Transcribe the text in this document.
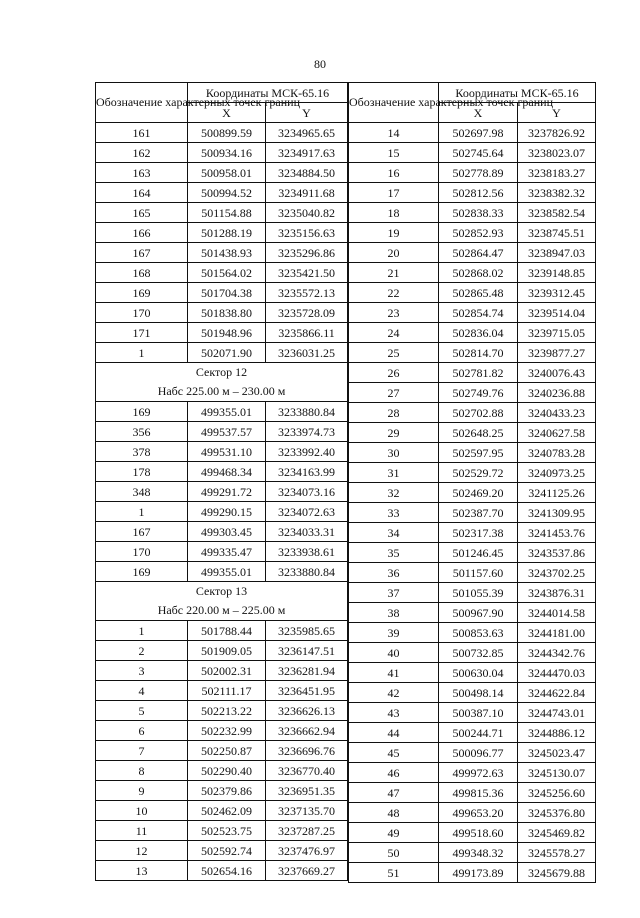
80
Обозначение характерных точек границ	Координаты МСК-65.16	
	X	Y
161	500899.59	3234965.65
162	500934.16	3234917.63
163	500958.01	3234884.50
164	500994.52	3234911.68
165	501154.88	3235040.82
166	501288.19	3235156.63
167	501438.93	3235296.86
168	501564.02	3235421.50
169	501704.38	3235572.13
170	501838.80	3235728.09
171	501948.96	3235866.11
1	502071.90	3236031.25
Сектор 12		
Набс 225.00 м – 230.00 м		
169	499355.01	3233880.84
356	499537.57	3233974.73
378	499531.10	3233992.40
178	499468.34	3234163.99
348	499291.72	3234073.16
1	499290.15	3234072.63
167	499303.45	3234033.31
170	499335.47	3233938.61
169	499355.01	3233880.84
Сектор 13		
Набс 220.00 м – 225.00 м		
1	501788.44	3235985.65
2	501909.05	3236147.51
3	502002.31	3236281.94
4	502111.17	3236451.95
5	502213.22	3236626.13
6	502232.99	3236662.94
7	502250.87	3236696.76
8	502290.40	3236770.40
9	502379.86	3236951.35
10	502462.09	3237135.70
11	502523.75	3237287.25
12	502592.74	3237476.97
13	502654.16	3237669.27
Обозначение характерных точек границ	Координаты МСК-65.16	
	X	Y
14	502697.98	3237826.92
15	502745.64	3238023.07
16	502778.89	3238183.27
17	502812.56	3238382.32
18	502838.33	3238582.54
19	502852.93	3238745.51
20	502864.47	3238947.03
21	502868.02	3239148.85
22	502865.48	3239312.45
23	502854.74	3239514.04
24	502836.04	3239715.05
25	502814.70	3239877.27
26	502781.82	3240076.43
27	502749.76	3240236.88
28	502702.88	3240433.23
29	502648.25	3240627.58
30	502597.95	3240783.28
31	502529.72	3240973.25
32	502469.20	3241125.26
33	502387.70	3241309.95
34	502317.38	3241453.76
35	501246.45	3243537.86
36	501157.60	3243702.25
37	501055.39	3243876.31
38	500967.90	3244014.58
39	500853.63	3244181.00
40	500732.85	3244342.76
41	500630.04	3244470.03
42	500498.14	3244622.84
43	500387.10	3244743.01
44	500244.71	3244886.12
45	500096.77	3245023.47
46	499972.63	3245130.07
47	499815.36	3245256.60
48	499653.20	3245376.80
49	499518.60	3245469.82
50	499348.32	3245578.27
51	499173.89	3245679.88
